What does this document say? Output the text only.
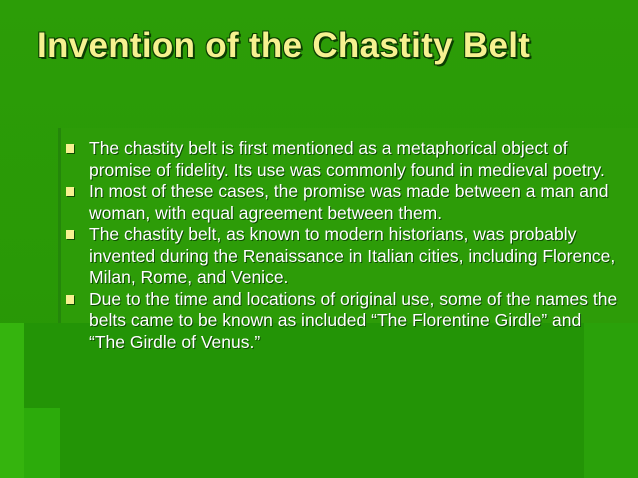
Invention of the Chastity Belt
The chastity belt is first mentioned as a metaphorical object of promise of fidelity. Its use was commonly found in medieval poetry.
In most of these cases, the promise was made between a man and woman, with equal agreement between them.
The chastity belt, as known to modern historians, was probably invented during the Renaissance in Italian cities, including Florence, Milan, Rome, and Venice.
Due to the time and locations of original use, some of the names the belts came to be known as included “The Florentine Girdle” and “The Girdle of Venus.”
